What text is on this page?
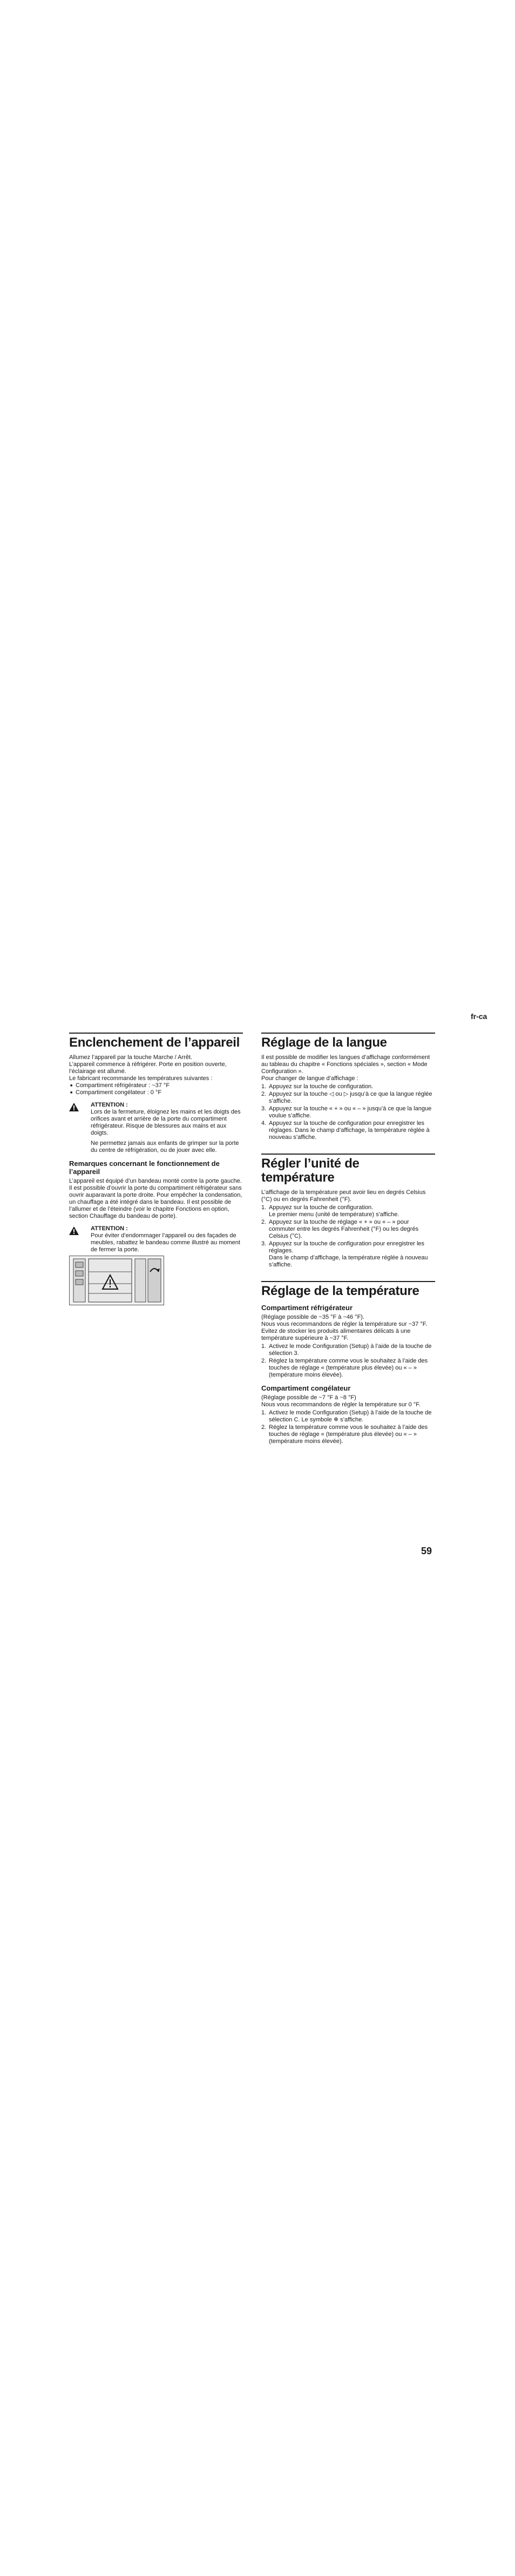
fr-ca
Enclenchement de l’appareil

Allumez l’appareil par la touche Marche / Arrêt.
L’appareil commence à réfrigérer. Porte en position ouverte, l’éclairage est allumé.
Le fabricant recommande les températures suivantes :

■ Compartiment réfrigérateur : ~37 °F
■ Compartiment congélateur : 0 °F
ATTENTION :

Lors de la fermeture, éloignez les mains et les doigts des orifices avant et arrière de la porte du compartiment réfrigérateur. Risque de blessures aux mains et aux doigts.

Ne permettez jamais aux enfants de grimper sur la porte du centre de réfrigération, ou de jouer avec elle.

Remarques concernant le fonctionnement de l’appareil

L’appareil est équipé d’un bandeau monté contre la porte gauche.
Il est possible d’ouvrir la porte du compartiment réfrigérateur sans ouvrir auparavant la porte droite. Pour empêcher la condensation, un chauffage a été intégré dans le bandeau. Il est possible de l’allumer et de l’éteindre (voir le chapitre Fonctions en option, section Chauffage du bandeau de porte).

ATTENTION :

Pour éviter d’endommager l’appareil ou des façades de meubles, rabattez le bandeau comme illustré au moment de fermer la porte.

Réglage de la langue

Il est possible de modifier les langues d’affichage conformément au tableau du chapitre « Fonctions spéciales », section « Mode Configuration ».
Pour changer de langue d’affichage :

1. Appuyez sur la touche de configuration.
2. Appuyez sur la touche ◁ ou ▷ jusqu’à ce que la langue réglée s’affiche.
3. Appuyez sur la touche « + » ou « – » jusqu’à ce que la langue voulue s’affiche.
4. Appuyez sur la touche de configuration pour enregistrer les réglages. Dans le champ d’affichage, la température réglée à nouveau s’affiche.
Régler l’unité de température

L’affichage de la température peut avoir lieu en degrés Celsius (°C) ou en degrés Fahrenheit (°F).

1. Appuyez sur la touche de configuration.
Le premier menu (unité de température) s’affiche.
2. Appuyez sur la touche de réglage « + » ou « – » pour commuter entre les degrés Fahrenheit (°F) ou les degrés Celsius (°C).
3. Appuyez sur la touche de configuration pour enregistrer les réglages.
Dans le champ d’affichage, la température réglée à nouveau s’affiche.
Réglage de la température
Compartiment réfrigérateur

(Réglage possible de ~35 °F à ~46 °F).
Nous vous recommandons de régler la température sur ~37 °F.
Evitez de stocker les produits alimentaires délicats à une température supérieure à ~37 °F.

1. Activez le mode Configuration (Setup) à l’aide de la touche de sélection 3.
2. Réglez la température comme vous le souhaitez à l’aide des touches de réglage « (température plus élevée) ou « – » (température moins élevée).
Compartiment congélateur

(Réglage possible de ~7 °F à ~8 °F)
Nous vous recommandons de régler la température sur 0 °F.

1. Activez le mode Configuration (Setup) à l’aide de la touche de sélection C. Le symbole ❄ s’affiche.
2. Réglez la température comme vous le souhaitez à l’aide des touches de réglage « (température plus élevée) ou « – » (température moins élevée).
59
